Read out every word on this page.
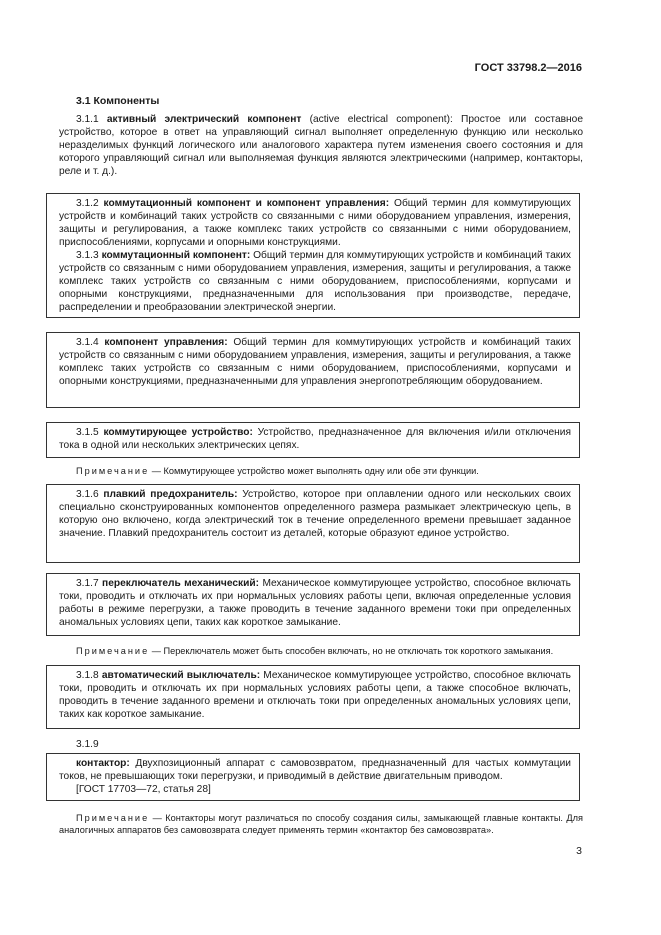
ГОСТ 33798.2—2016
3.1 Компоненты

3.1.1 активный электрический компонент (active electrical component): Простое или составное устройство, которое в ответ на управляющий сигнал выполняет определенную функцию или несколько неразделимых функций логического или аналогового характера путем изменения своего состояния и для которого управляющий сигнал или выполняемая функция являются электрическими (например, контакторы, реле и т. д.).

3.1.2 коммутационный компонент и компонент управления: Общий термин для коммутирующих устройств и комбинаций таких устройств со связанными с ними оборудованием управления, измерения, защиты и регулирования, а также комплекс таких устройств со связанными с ними оборудованием, приспособлениями, корпусами и опорными конструкциями.

3.1.3 коммутационный компонент: Общий термин для коммутирующих устройств и комбинаций таких устройств со связанным с ними оборудованием управления, измерения, защиты и регулирования, а также комплекс таких устройств со связанным с ними оборудованием, приспособлениями, корпусами и опорными конструкциями, предназначенными для использования при производстве, передаче, распределении и преобразовании электрической энергии.

3.1.4 компонент управления: Общий термин для коммутирующих устройств и комбинаций таких устройств со связанным с ними оборудованием управления, измерения, защиты и регулирования, а также комплекс таких устройств со связанным с ними оборудованием, приспособлениями, корпусами и опорными конструкциями, предназначенными для управления энергопотребляющим оборудованием.

3.1.5 коммутирующее устройство: Устройство, предназначенное для включения и/или отключения тока в одной или нескольких электрических цепях.

Примечание — Коммутирующее устройство может выполнять одну или обе эти функции.

3.1.6 плавкий предохранитель: Устройство, которое при оплавлении одного или нескольких своих специально сконструированных компонентов определенного размера размыкает электрическую цепь, в которую оно включено, когда электрический ток в течение определенного времени превышает заданное значение. Плавкий предохранитель состоит из деталей, которые образуют единое устройство.

3.1.7 переключатель механический: Механическое коммутирующее устройство, способное включать токи, проводить и отключать их при нормальных условиях работы цепи, включая определенные условия работы в режиме перегрузки, а также проводить в течение заданного времени токи при определенных аномальных условиях цепи, таких как короткое замыкание.

Примечание — Переключатель может быть способен включать, но не отключать ток короткого замыкания.

3.1.8 автоматический выключатель: Механическое коммутирующее устройство, способное включать токи, проводить и отключать их при нормальных условиях работы цепи, а также способное включать, проводить в течение заданного времени и отключать токи при определенных аномальных условиях цепи, таких как короткое замыкание.

3.1.9

контактор: Двухпозиционный аппарат с самовозвратом, предназначенный для частых коммутации токов, не превышающих токи перегрузки, и приводимый в действие двигательным приводом.

[ГОСТ 17703—72, статья 28]

Примечание — Контакторы могут различаться по способу создания силы, замыкающей главные контакты. Для аналогичных аппаратов без самовозврата следует применять термин «контактор без самовозврата».

3
